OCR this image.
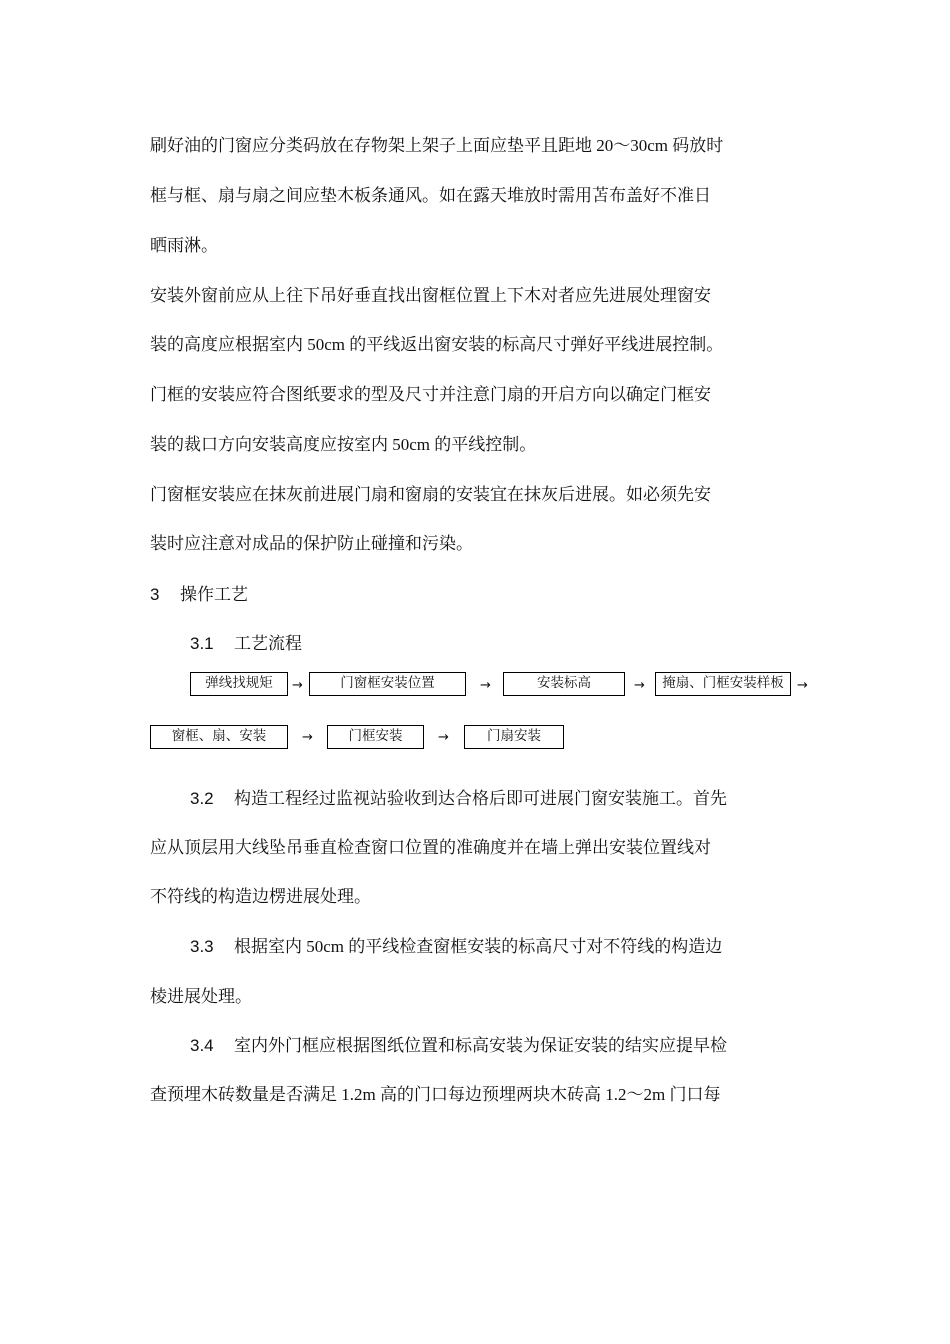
刷好油的门窗应分类码放在存物架上架子上面应垫平且距地 20～30cm 码放时
框与框、扇与扇之间应垫木板条通风。如在露天堆放时需用苫布盖好不准日
晒雨淋。
安装外窗前应从上往下吊好垂直找出窗框位置上下木对者应先进展处理窗安
装的高度应根据室内 50cm 的平线返出窗安装的标高尺寸弹好平线进展控制。
门框的安装应符合图纸要求的型及尺寸并注意门扇的开启方向以确定门框安
装的裁口方向安装高度应按室内 50cm 的平线控制。
门窗框安装应在抹灰前进展门扇和窗扇的安装宜在抹灰后进展。如必须先安
装时应注意对成品的保护防止碰撞和污染。
3 操作工艺
3.1 工艺流程
弹线找规矩	→	门窗框安装位置	→	安装标高	→	掩扇、门框安装样板	→
窗框、扇、安装	→	门框安装	→	门扇安装
3.2 构造工程经过监视站验收到达合格后即可进展门窗安装施工。首先
应从顶层用大线坠吊垂直检查窗口位置的准确度并在墙上弹出安装位置线对
不符线的构造边楞进展处理。
3.3 根据室内 50cm 的平线检查窗框安装的标高尺寸对不符线的构造边
棱进展处理。
3.4 室内外门框应根据图纸位置和标高安装为保证安装的结实应提早检
查预埋木砖数量是否满足 1.2m 高的门口每边预埋两块木砖高 1.2～2m 门口每
